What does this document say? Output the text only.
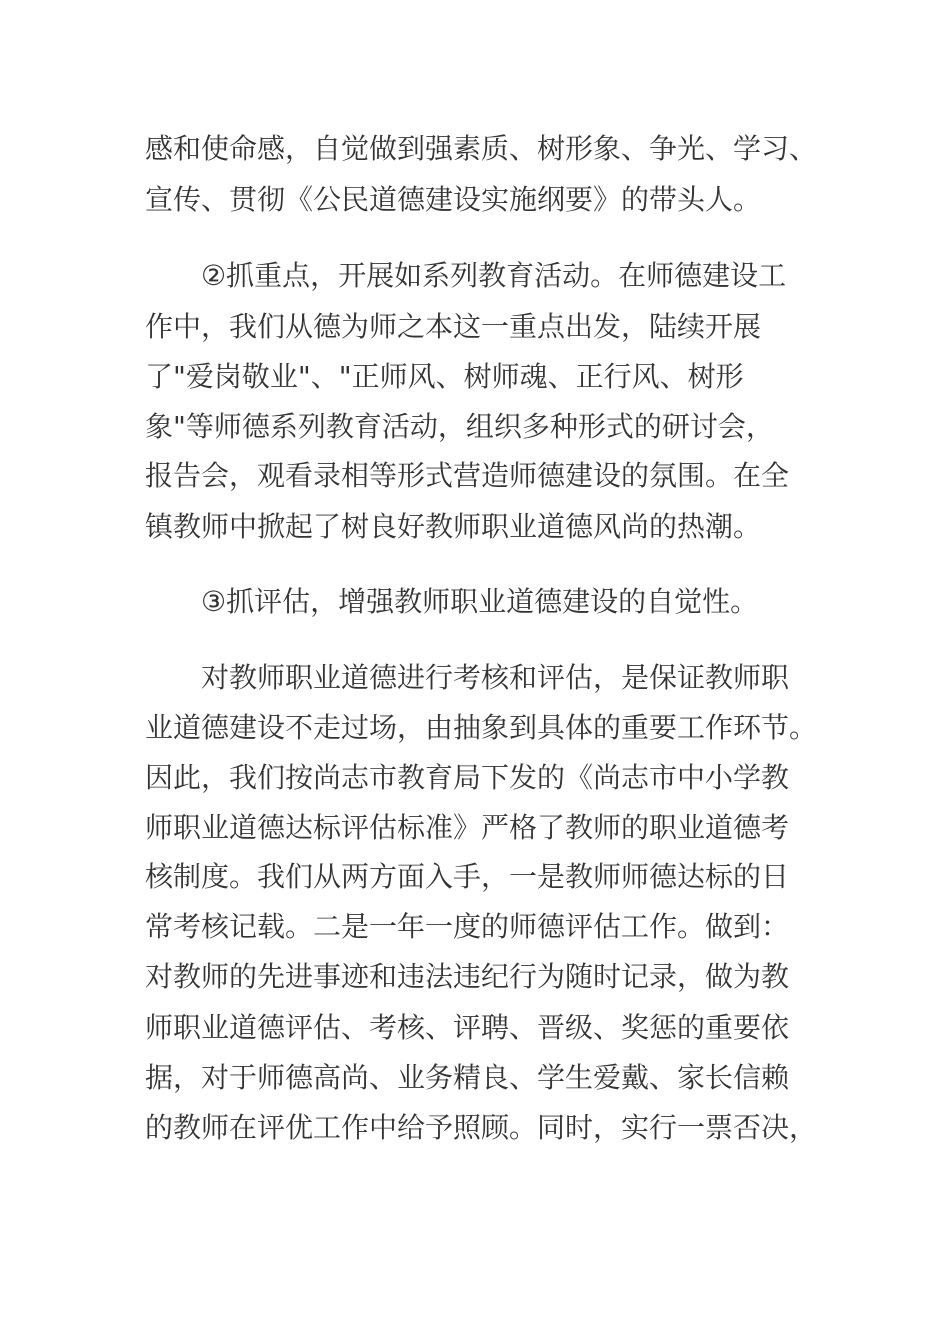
感和使命感，自觉做到强素质、树形象、争光、学习、
宣传、贯彻《公民道德建设实施纲要》的带头人。
②抓重点，开展如系列教育活动。在师德建设工
作中，我们从德为师之本这一重点出发，陆续开展
了"爱岗敬业"、"正师风、树师魂、正行风、树形
象"等师德系列教育活动，组织多种形式的研讨会，
报告会，观看录相等形式营造师德建设的氛围。在全
镇教师中掀起了树良好教师职业道德风尚的热潮。
③抓评估，增强教师职业道德建设的自觉性。
对教师职业道德进行考核和评估，是保证教师职
业道德建设不走过场，由抽象到具体的重要工作环节。
因此，我们按尚志市教育局下发的《尚志市中小学教
师职业道德达标评估标准》严格了教师的职业道德考
核制度。我们从两方面入手，一是教师师德达标的日
常考核记载。二是一年一度的师德评估工作。做到：
对教师的先进事迹和违法违纪行为随时记录，做为教
师职业道德评估、考核、评聘、晋级、奖惩的重要依
据，对于师德高尚、业务精良、学生爱戴、家长信赖
的教师在评优工作中给予照顾。同时，实行一票否决，
